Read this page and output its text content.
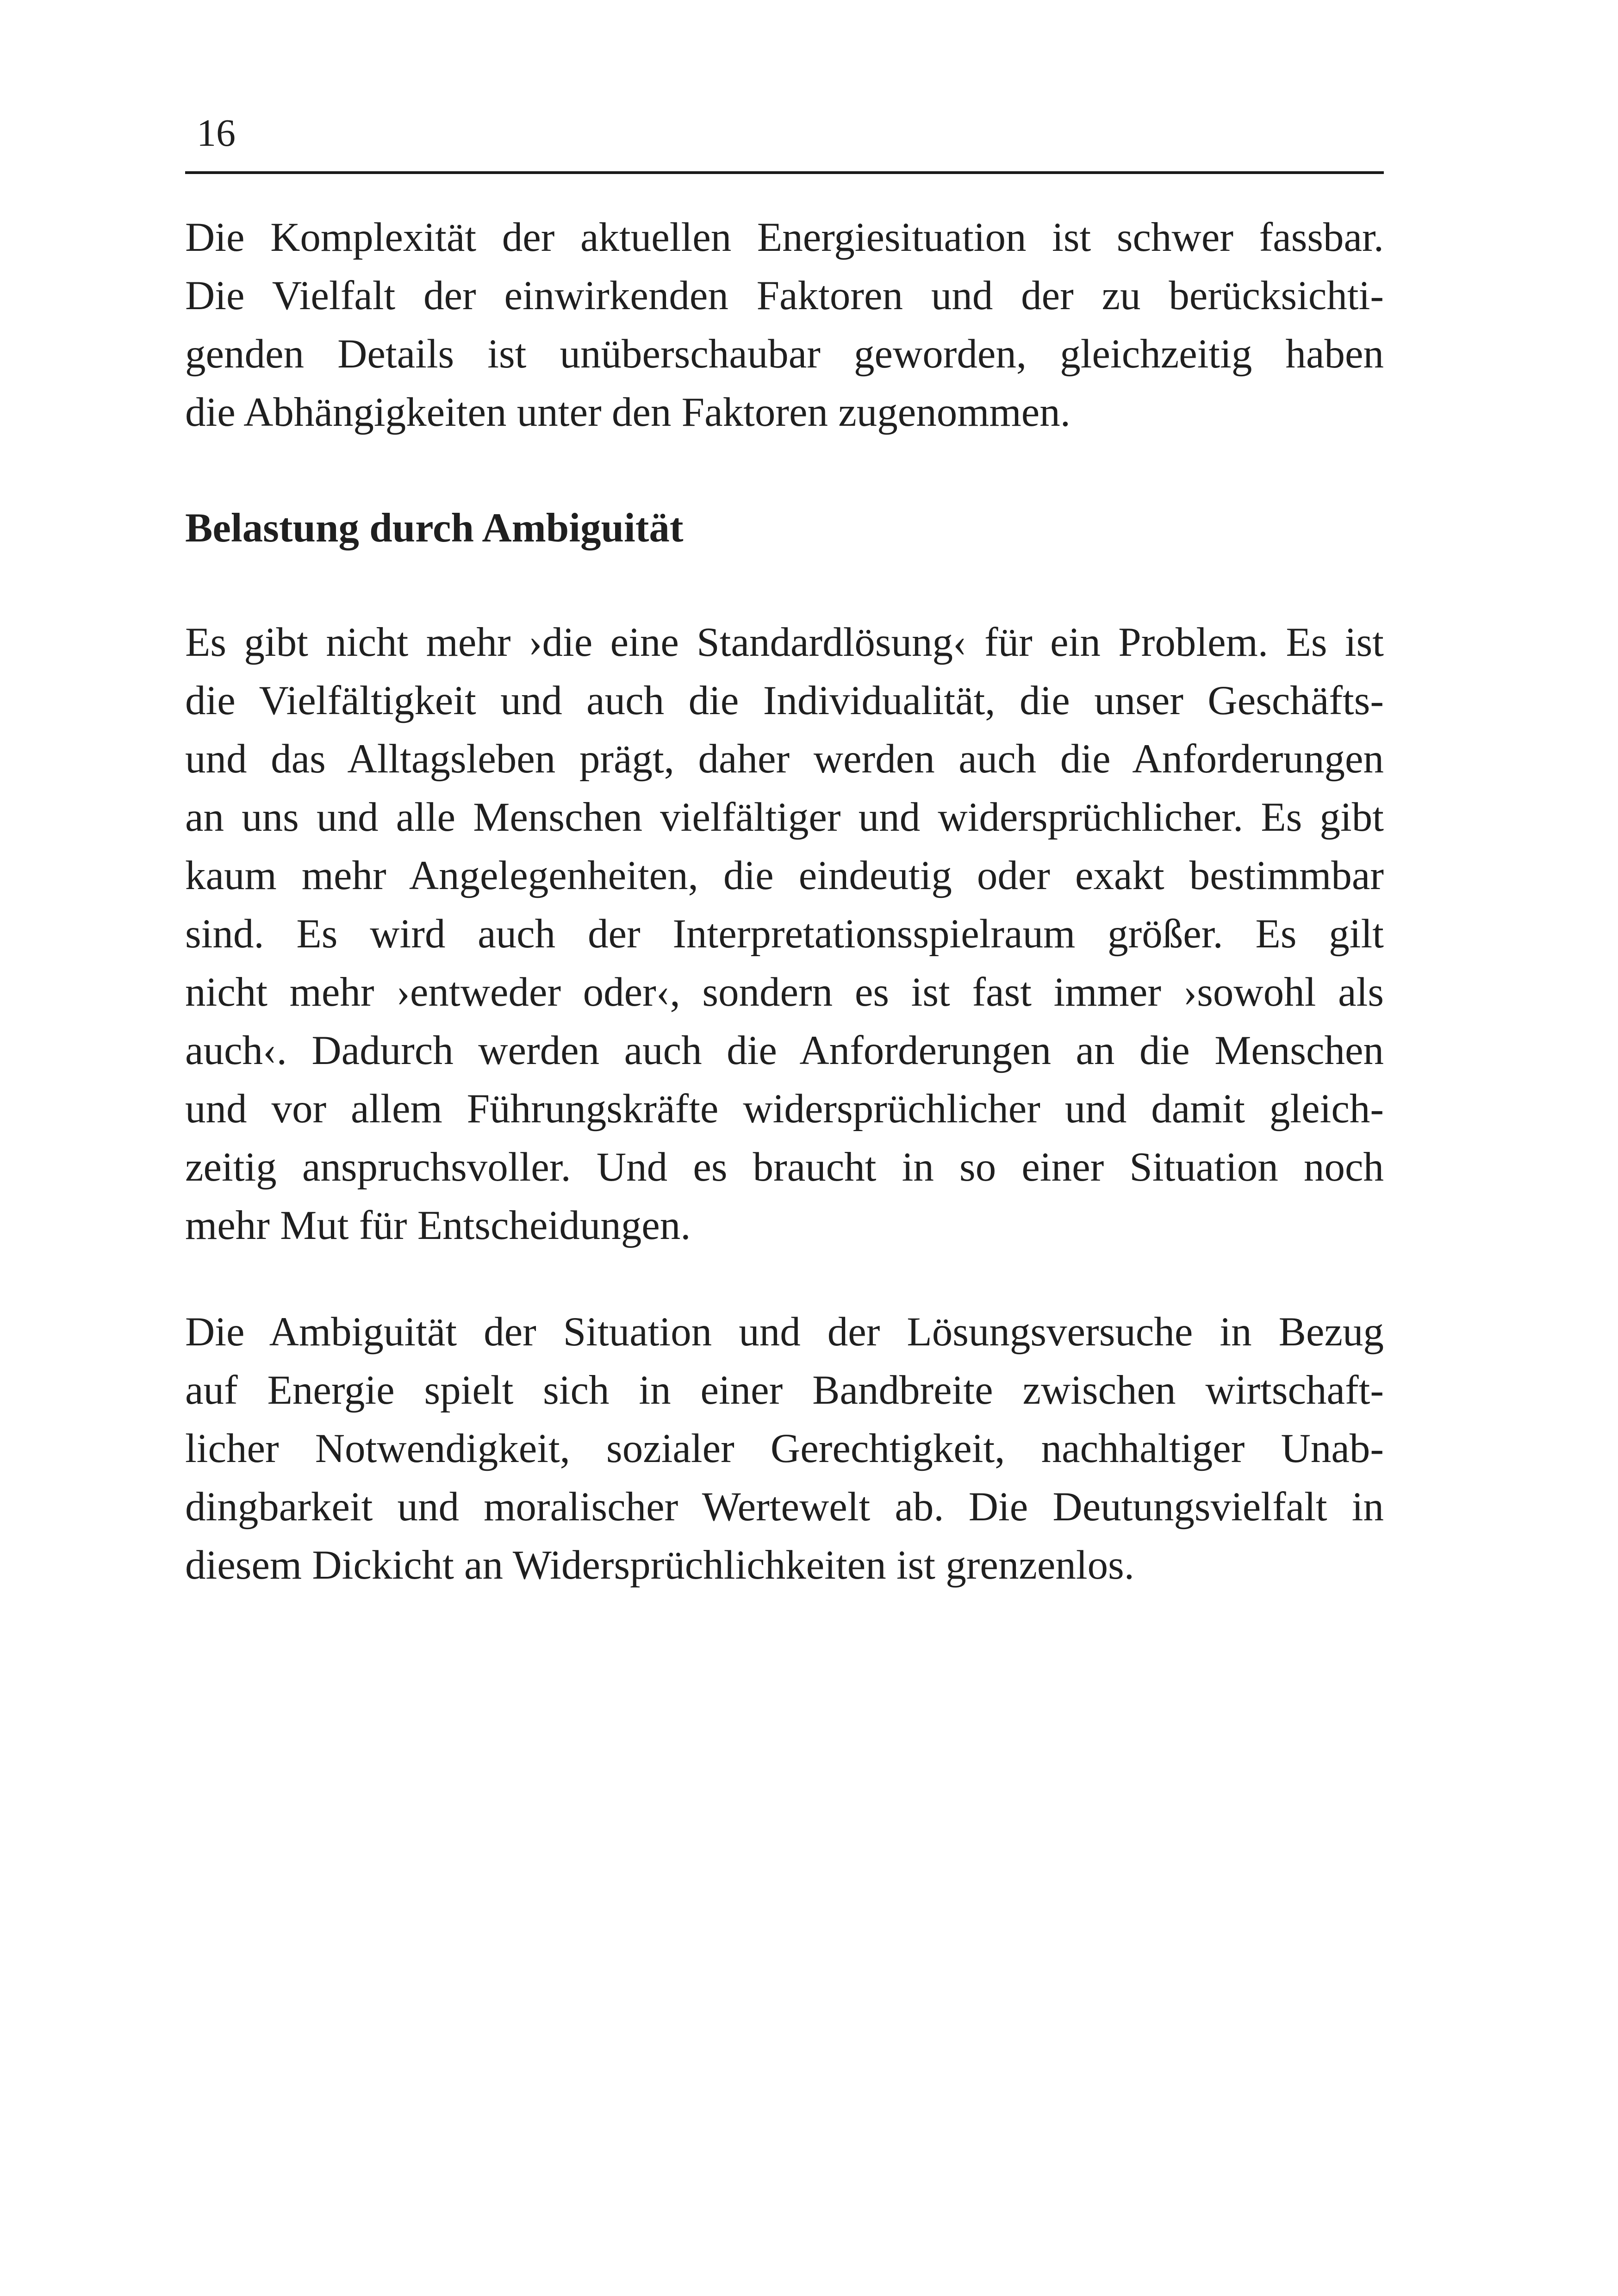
16
Die Komplexität der aktuellen Energiesituation ist schwer fassbar.
Die Vielfalt der einwirkenden Faktoren und der zu berücksichti-
genden Details ist unüberschaubar geworden, gleichzeitig haben
die Abhängigkeiten unter den Faktoren zugenommen.
Belastung durch Ambiguität
Es gibt nicht mehr ›die eine Standardlösung‹ für ein Problem. Es ist
die Vielfältigkeit und auch die Individualität, die unser Geschäfts-
und das Alltagsleben prägt, daher werden auch die Anforderungen
an uns und alle Menschen vielfältiger und widersprüchlicher. Es gibt
kaum mehr Angelegenheiten, die eindeutig oder exakt bestimmbar
sind. Es wird auch der Interpretationsspielraum größer. Es gilt
nicht mehr ›entweder oder‹, sondern es ist fast immer ›sowohl als
auch‹. Dadurch werden auch die Anforderungen an die Menschen
und vor allem Führungskräfte widersprüchlicher und damit gleich-
zeitig anspruchsvoller. Und es braucht in so einer Situation noch
mehr Mut für Entscheidungen.
Die Ambiguität der Situation und der Lösungsversuche in Bezug
auf Energie spielt sich in einer Bandbreite zwischen wirtschaft-
licher Notwendigkeit, sozialer Gerechtigkeit, nachhaltiger Unab-
dingbarkeit und moralischer Wertewelt ab. Die Deutungsvielfalt in
diesem Dickicht an Widersprüchlichkeiten ist grenzenlos.
